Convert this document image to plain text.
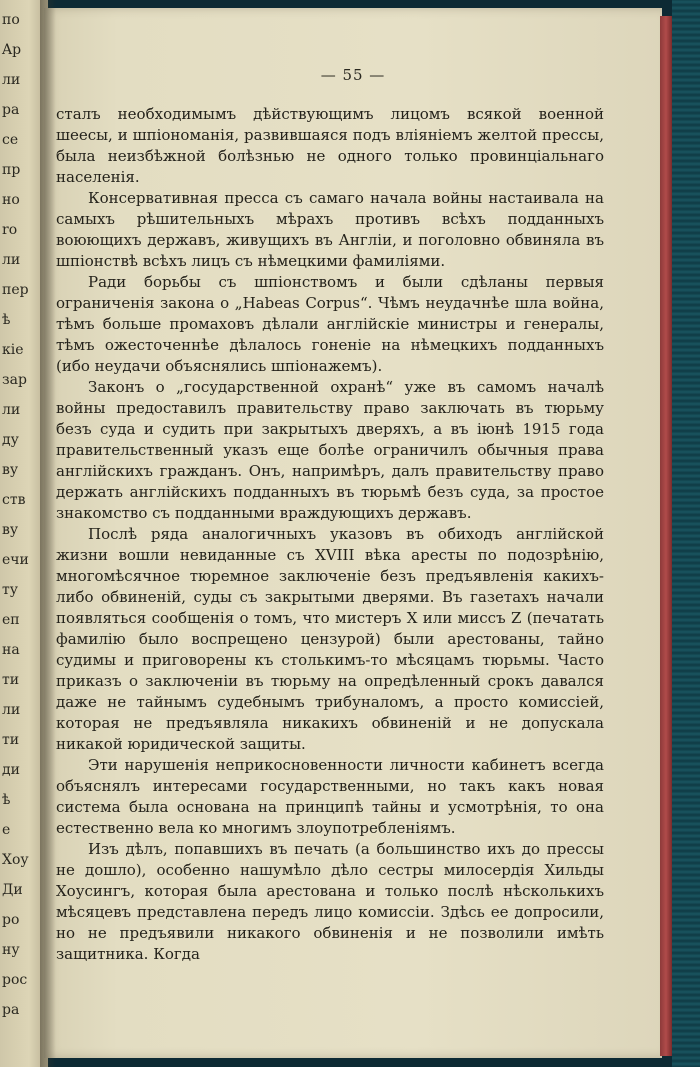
по
Aр
ли
ра
се
пр
но
ro
ли
пер
ѣ
кіе
зар
ли
ду
ву
ств
ву
ечи
ту
еп
на
ти
ли
ти
ди
ѣ
е
Хоу
Ди
ро
ну
рос
ра
— 55 —

сталъ необходимымъ дѣйствующимъ лицомъ всякой военной шеесы, и шпіономанія, развившаяся подъ вліяніемъ желтой прессы, была неизбѣжной болѣзнью не одного только провинціальнаго населенія.

Консервативная пресса съ самаго начала войны настаивала на самыхъ рѣшительныхъ мѣрахъ противъ всѣхъ подданныхъ воюющихъ державъ, живущихъ въ Англіи, и поголовно обвиняла въ шпіонствѣ всѣхъ лицъ съ нѣмецкими фамиліями.

Ради борьбы съ шпіонствомъ и были сдѣланы первыя ограниченія закона о „Habeas Corpus“. Чѣмъ неудачнѣе шла война, тѣмъ больше промаховъ дѣлали англійскіе министры и генералы, тѣмъ ожесточеннѣе дѣлалось гоненіе на нѣмецкихъ подданныхъ (ибо неудачи объяснялись шпіонажемъ).

Законъ о „государственной охранѣ“ уже въ самомъ началѣ войны предоставилъ правительству право заключать въ тюрьму безъ суда и судить при закрытыхъ дверяхъ, а въ іюнѣ 1915 года правительственный указъ еще болѣе ограничилъ обычныя права англійскихъ гражданъ. Онъ, напримѣръ, далъ правительству право держать англійскихъ подданныхъ въ тюрьмѣ безъ суда, за простое знакомство съ подданными враждующихъ державъ.

Послѣ ряда аналогичныхъ указовъ въ обиходъ англійской жизни вошли невиданные съ XVIII вѣка аресты по подозрѣнію, многомѣсячное тюремное заключеніе безъ предъявленія какихъ-либо обвиненій, суды съ закрытыми дверями. Въ газетахъ начали появляться сообщенія о томъ, что мистеръ X или миссъ Z (печатать фамилію было воспрещено цензурой) были арестованы, тайно судимы и приговорены къ столькимъ-то мѣсяцамъ тюрьмы. Часто приказъ о заключеніи въ тюрьму на опредѣленный срокъ давался даже не тайнымъ судебнымъ трибуналомъ, а просто комиссіей, которая не предъявляла никакихъ обвиненій и не допускала никакой юридической защиты.

Эти нарушенія неприкосновенности личности кабинетъ всегда объяснялъ интересами государственными, но такъ какъ новая система была основана на принципѣ тайны и усмотрѣнія, то она естественно вела ко многимъ злоупотребленіямъ.

Изъ дѣлъ, попавшихъ въ печать (а большинство ихъ до прессы не дошло), особенно нашумѣло дѣло сестры милосердія Хильды Хоусингъ, которая была арестована и только послѣ нѣсколькихъ мѣсяцевъ представлена передъ лицо комиссіи. Здѣсь ее допросили, но не предъявили никакого обвиненія и не позволили имѣть защитника. Когда
